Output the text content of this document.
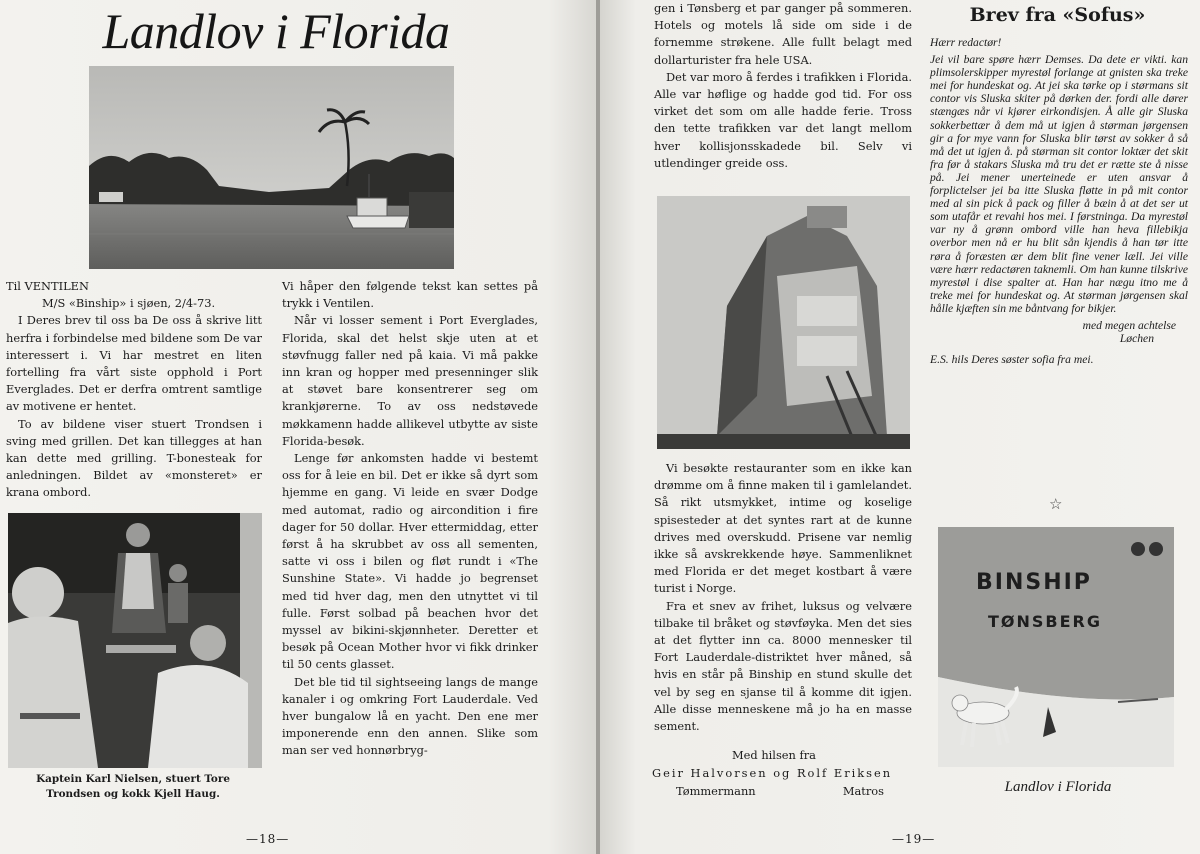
Landlov i Florida

Til VENTILEN

M/S «Binship» i sjøen, 2/4-73.

I Deres brev til oss ba De oss å skrive litt herfra i forbindelse med bildene som De var interessert i. Vi har mestret en liten fortelling fra vårt siste opphold i Port Everglades. Det er derfra omtrent samtlige av motivene er hentet.

To av bildene viser stuert Trondsen i sving med grillen. Det kan tillegges at han kan dette med grilling. T-bonesteak for anledningen. Bildet av «monsteret» er krana ombord.

Kaptein Karl Nielsen, stuert Tore Trondsen og kokk Kjell Haug.

Vi håper den følgende tekst kan settes på trykk i Ventilen.

Når vi losser sement i Port Everglades, Florida, skal det helst skje uten at et støvfnugg faller ned på kaia. Vi må pakke inn kran og hopper med presenninger slik at støvet bare konsentrerer seg om krankjørerne. To av oss nedstøvede møkkamenn hadde allikevel utbytte av siste Florida-besøk.

Lenge før ankomsten hadde vi bestemt oss for å leie en bil. Det er ikke så dyrt som hjemme en gang. Vi leide en svær Dodge med automat, radio og aircondition i fire dager for 50 dollar. Hver ettermiddag, etter først å ha skrubbet av oss all sementen, satte vi oss i bilen og fløt rundt i «The Sunshine State». Vi hadde jo begrenset med tid hver dag, men den utnyttet vi til fulle. Først solbad på beachen hvor det myssel av bikini-skjønnheter. Deretter et besøk på Ocean Mother hvor vi fikk drinker til 50 cents glasset.

Det ble tid til sightseeing langs de mange kanaler i og omkring Fort Lauderdale. Ved hver bungalow lå en yacht. Den ene mer imponerende enn den annen. Slike som man ser ved honnørbryg-

—18—

gen i Tønsberg et par ganger på sommeren. Hotels og motels lå side om side i de fornemme strøkene. Alle fullt belagt med dollarturister fra hele USA.

Det var moro å ferdes i trafikken i Florida. Alle var høflige og hadde god tid. For oss virket det som om alle hadde ferie. Tross den tette trafikken var det langt mellom hver kollisjonsskadede bil. Selv vi utlendinger greide oss.

Vi besøkte restauranter som en ikke kan drømme om å finne maken til i gamlelandet. Så rikt utsmykket, intime og koselige spisesteder at det syntes rart at de kunne drives med overskudd. Prisene var nemlig ikke så avskrekkende høye. Sammenliknet med Florida er det meget kostbart å være turist i Norge.

Fra et snev av frihet, luksus og velvære tilbake til bråket og støvføyka. Men det sies at det flytter inn ca. 8000 mennesker til Fort Lauderdale-distriktet hver måned, så hvis en står på Binship en stund skulle det vel by seg en sjanse til å komme dit igjen. Alle disse menneskene må jo ha en masse sement.

—19—
Med hilsen fra
Geir Halvorsen og Rolf Eriksen
Tømmermann	Matros
Brev fra «Sofus»

Hærr redactør!

Jei vil bare spøre hærr Demses. Da dete er vikti. kan plimsolerskipper myrestøl forlange at gnisten ska treke mei for hundeskat og. At jei ska tørke op i størmans sit contor vis Sluska skiter på dørken der. fordi alle dører stængæs når vi kjører eirkondisjen. Å alle gir Sluska sokkerbettær å dem må ut igjen å størman jørgensen gir a for mye vann for Sluska blir tørst av sokker å så må det ut igjen å. på størman sit contor loktær det skit fra før å stakars Sluska må tru det er rætte ste å nisse på. Jei mener unerteinede er uten ansvar å forplictelser jei ba itte Sluska fløtte in på mit contor med al sin pick å pack og filler å bæin å at det ser ut som utafår et revahi hos mei. I førstninga. Da myrestøl var ny å grønn ombord ville han heva fillebikja overbor men nå er hu blit sån kjendis å han tør itte røra å foræsten ær dem blit fine vener læll. Jei ville være hærr redactøren taknemli. Om han kunne tilskrive myrestøl i dise spalter at. Han har nægu itno me å treke mei for hundeskat og. At størman jørgensen skal hålle kjæften sin me båntvang for bikjer.

med megen achtelse

Løchen

E.S. hils Deres søster sofia fra mei.

☆
BINSHIP
TØNSBERG
Landlov i Florida
